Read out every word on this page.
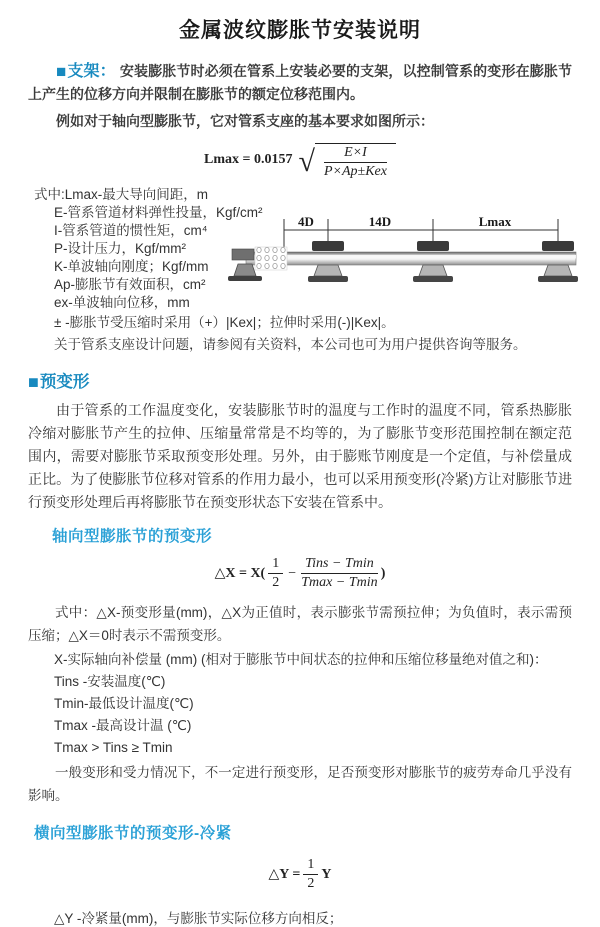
金属波纹膨胀节安装说明

■支架： 安装膨胀节时必须在管系上安装必要的支架，以控制管系的变形在膨胀节上产生的位移方向并限制在膨胀节的额定位移范围内。

例如对于轴向型膨胀节，它对管系支座的基本要求如图所示：

Lmax = 0.0157 √ $\frac{E\times I}{\text{P×Ap±Kex}}$
式中:Lmax-最大导向间距，m
E-管系管道材料弹性投量，Kgf/cm²
I-管系管道的惯性矩，cm⁴
P-设计压力，Kgf/mm²
K-单波轴向刚度；Kgf/mm
Ap-膨胀节有效面积，cm²
ex-单波轴向位移，mm
± -膨胀节受压缩时采用（+）|Kex|；拉伸时采用(-)|Kex|。
关于管系支座设计问题，请参阅有关资料，本公司也可为用户提供咨询等服务。
4D	14D	Lmax
■预变形

由于管系的工作温度变化，安装膨胀节时的温度与工作时的温度不同，管系热膨胀冷缩对膨胀节产生的拉伸、压缩量常常是不均等的，为了膨胀节变形范围控制在额定范围内，需要对膨胀节采取预变形处理。另外，由于膨账节刚度是一个定值，与补偿量成正比。为了使膨胀节位移对管系的作用力最小，也可以采用预变形(冷紧)方让对膨胀节进行预变形处理后再将膨胀节在预变形状态下安装在管系中。

轴向型膨胀节的预变形
△X = $X( \frac{1}{2} - \frac{\text{Tins − Tmin}}{Tmax - Tmin}$ )

式中：△X-预变形量(mm)，△X为正值时，表示膨张节需预拉伸；为负值时，表示需预压缩；△X＝0时表示不需预变形。

X-实际轴向补偿量 (mm) (相对于膨胀节中间状态的拉伸和压缩位移量绝对值之和)：
Tins -安装温度(℃)
Tmin-最低设计温度(℃)
Tmax -最高设计温 (℃)
Tmax > Tins ≥ Tmin

一般变形和受力情况下，不一定进行预变形，足否预变形对膨胀节的疲劳寿命几乎没有影响。

横向型膨胀节的预变形-冷紧
△Y = $\frac{1}{2}$ Y
△Y -冷紧量(mm)，与膨胀节实际位移方向相反；
